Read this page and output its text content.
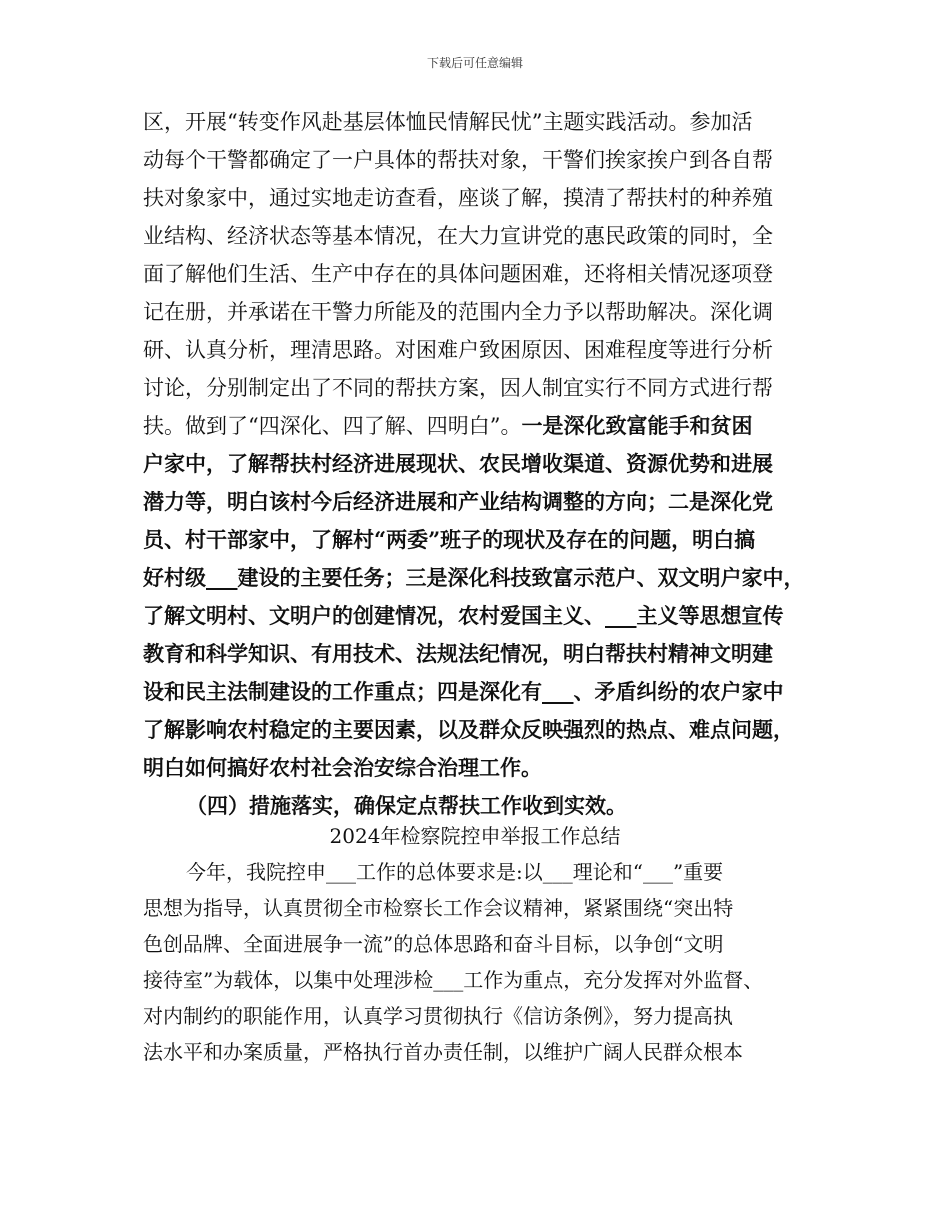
下载后可任意编辑
区，开展“转变作风赴基层体恤民情解民忧”主题实践活动。参加活
动每个干警都确定了一户具体的帮扶对象，干警们挨家挨户到各自帮
扶对象家中，通过实地走访查看，座谈了解，摸清了帮扶村的种养殖
业结构、经济状态等基本情况，在大力宣讲党的惠民政策的同时，全
面了解他们生活、生产中存在的具体问题困难，还将相关情况逐项登
记在册，并承诺在干警力所能及的范围内全力予以帮助解决。深化调
研、认真分析，理清思路。对困难户致困原因、困难程度等进行分析
讨论，分别制定出了不同的帮扶方案，因人制宜实行不同方式进行帮
扶。做到了“四深化、四了解、四明白”。一是深化致富能手和贫困
户家中，了解帮扶村经济进展现状、农民增收渠道、资源优势和进展
潜力等，明白该村今后经济进展和产业结构调整的方向；二是深化党
员、村干部家中，了解村“两委”班子的现状及存在的问题，明白搞
好村级___建设的主要任务；三是深化科技致富示范户、双文明户家中，
了解文明村、文明户的创建情况，农村爱国主义、___主义等思想宣传
教育和科学知识、有用技术、法规法纪情况，明白帮扶村精神文明建
设和民主法制建设的工作重点；四是深化有___、矛盾纠纷的农户家中
了解影响农村稳定的主要因素，以及群众反映强烈的热点、难点问题，
明白如何搞好农村社会治安综合治理工作。
（四）措施落实，确保定点帮扶工作收到实效。
2024年检察院控申举报工作总结
今年，我院控申___工作的总体要求是:以___理论和“___”重要
思想为指导，认真贯彻全市检察长工作会议精神，紧紧围绕“突出特
色创品牌、全面进展争一流”的总体思路和奋斗目标，以争创“文明
接待室”为载体，以集中处理涉检___工作为重点，充分发挥对外监督、
对内制约的职能作用，认真学习贯彻执行《信访条例》，努力提高执
法水平和办案质量，严格执行首办责任制，以维护广阔人民群众根本
